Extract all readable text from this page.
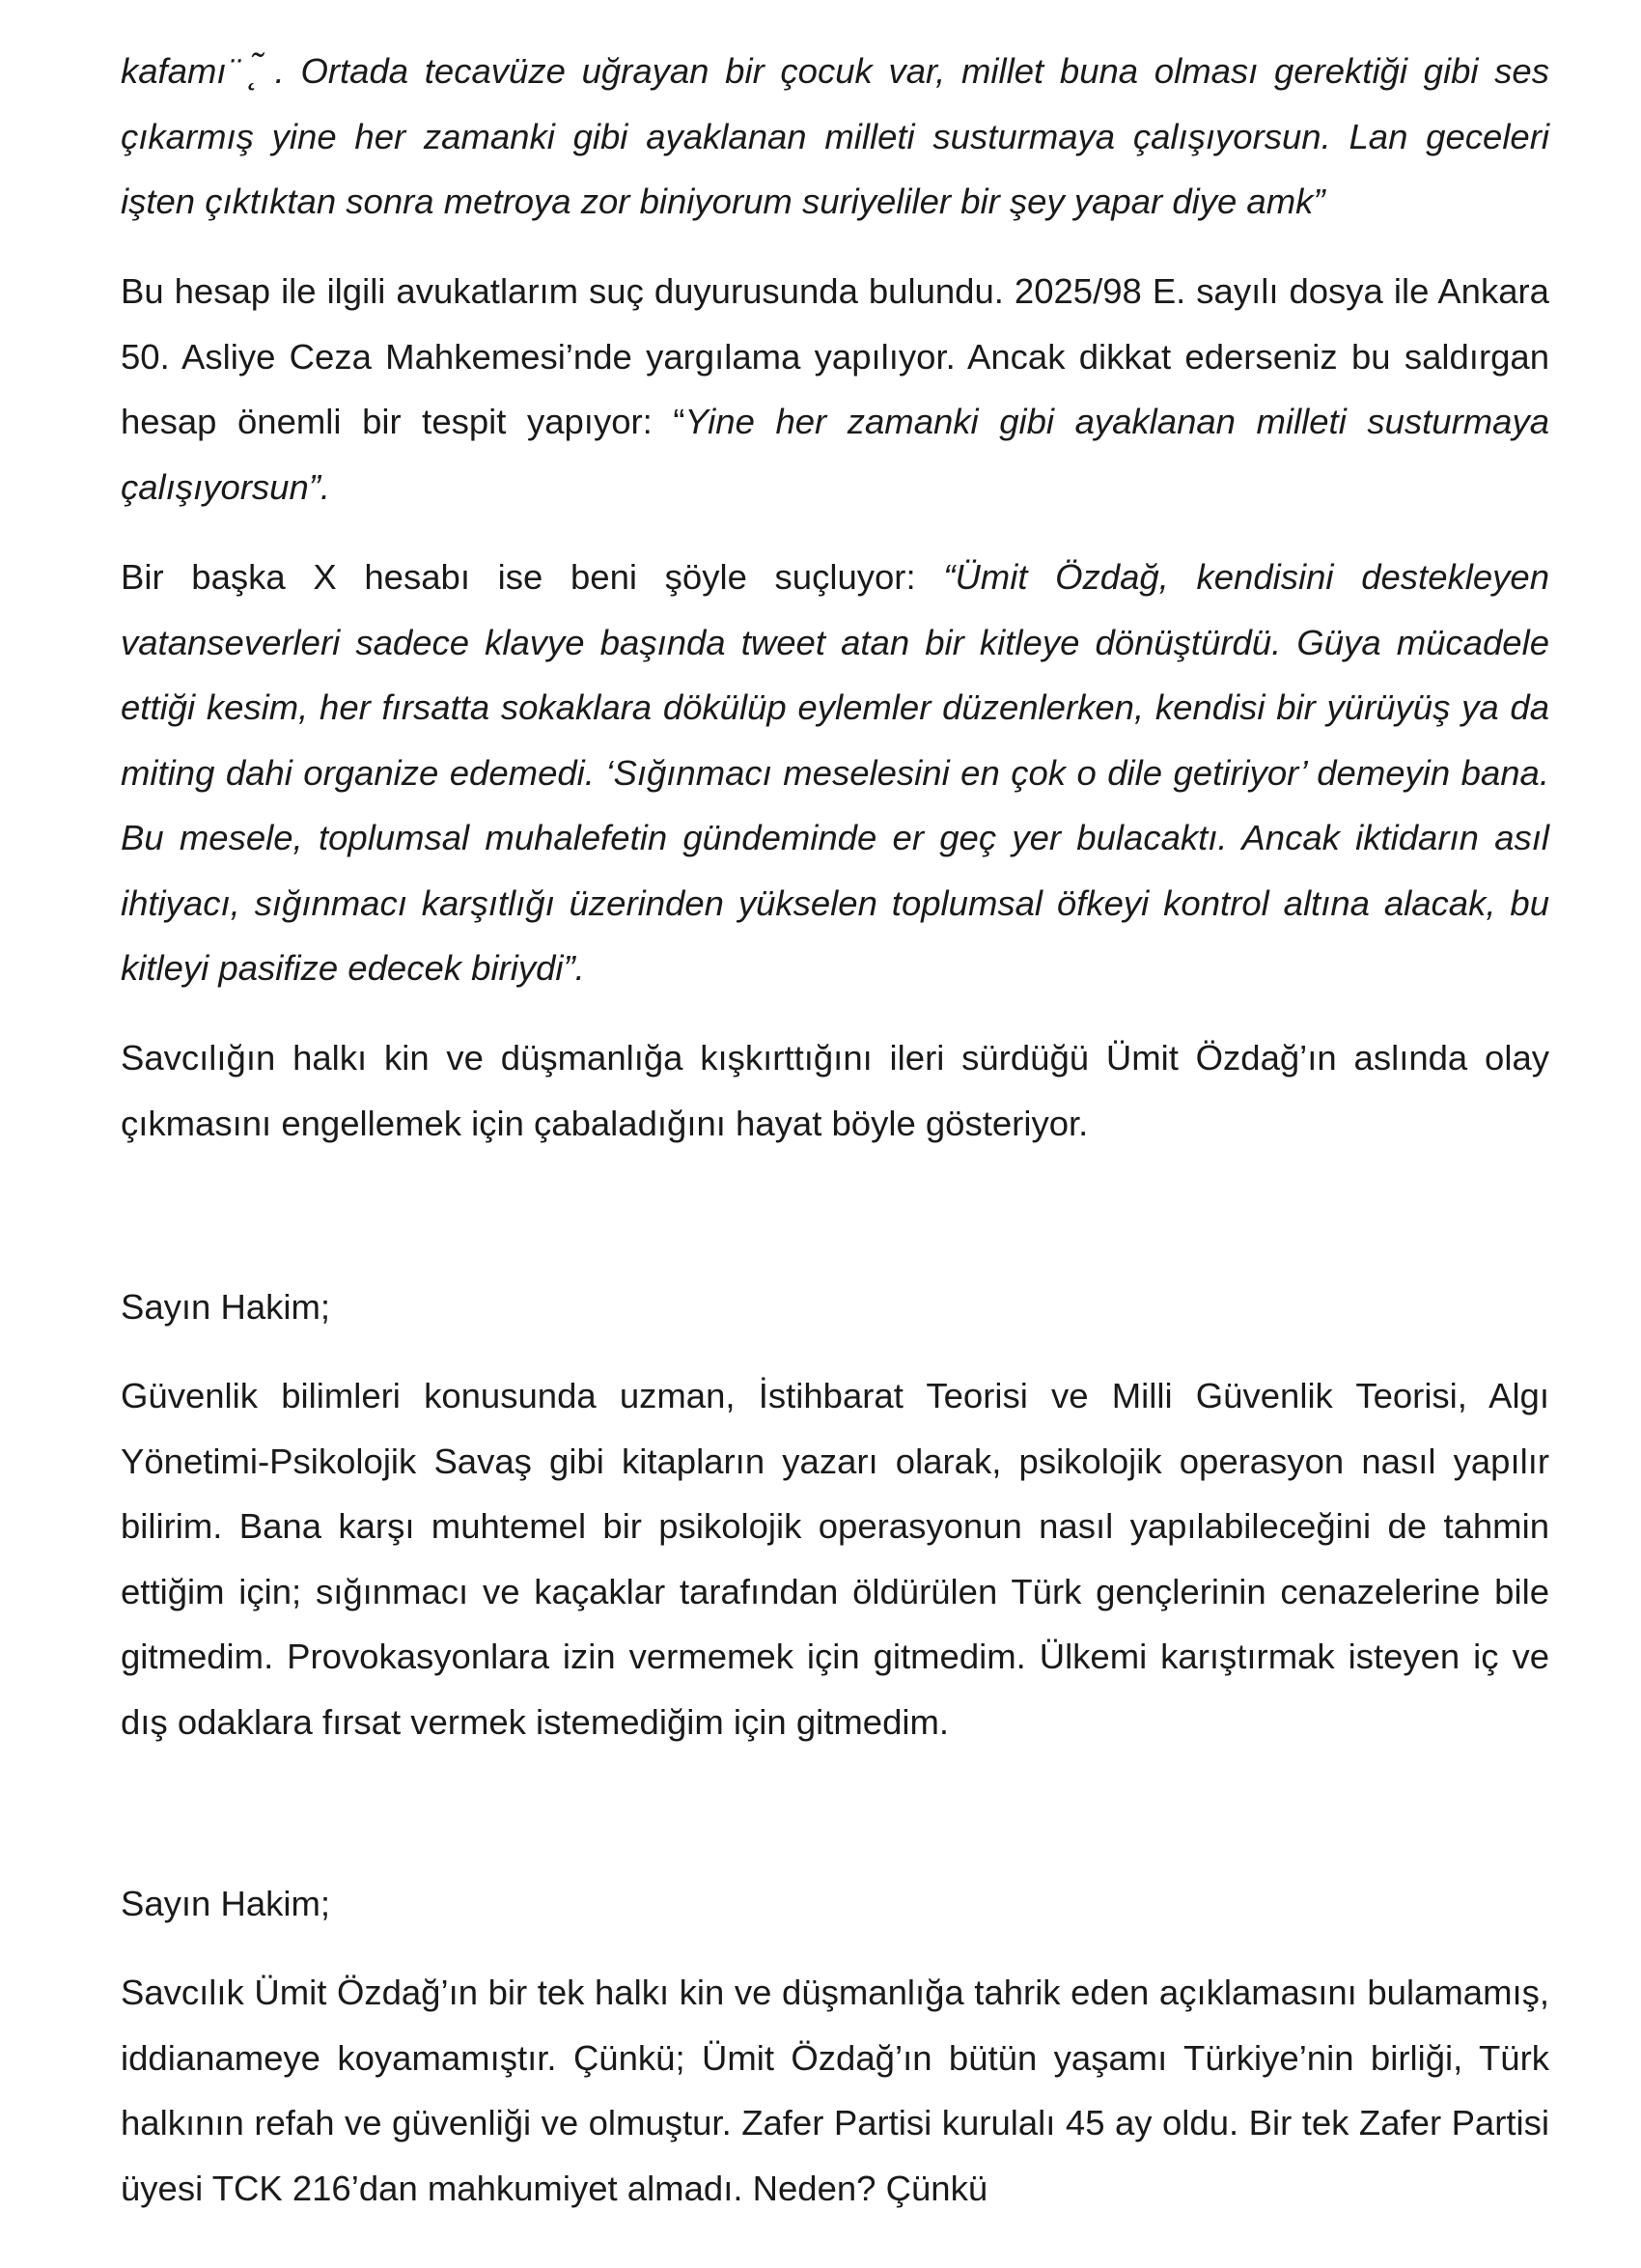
kafamı ̈ ̨ ̃. Ortada tecavüze uğrayan bir çocuk var, millet buna olması gerektiği gibi ses çıkarmış yine her zamanki gibi ayaklanan milleti susturmaya çalışıyorsun. Lan geceleri işten çıktıktan sonra metroya zor biniyorum suriyeliler bir şey yapar diye amk”

Bu hesap ile ilgili avukatlarım suç duyurusunda bulundu. 2025/98 E. sayılı dosya ile Ankara 50. Asliye Ceza Mahkemesi’nde yargılama yapılıyor. Ancak dikkat ederseniz bu saldırgan hesap önemli bir tespit yapıyor: “Yine her zamanki gibi ayaklanan milleti susturmaya çalışıyorsun”.

Bir başka X hesabı ise beni şöyle suçluyor: “Ümit Özdağ, kendisini destekleyen vatanseverleri sadece klavye başında tweet atan bir kitleye dönüştürdü. Güya mücadele ettiği kesim, her fırsatta sokaklara dökülüp eylemler düzenlerken, kendisi bir yürüyüş ya da miting dahi organize edemedi. ‘Sığınmacı meselesini en çok o dile getiriyor’ demeyin bana. Bu mesele, toplumsal muhalefetin gündeminde er geç yer bulacaktı. Ancak iktidarın asıl ihtiyacı, sığınmacı karşıtlığı üzerinden yükselen toplumsal öfkeyi kontrol altına alacak, bu kitleyi pasifize edecek biriydi”.

Savcılığın halkı kin ve düşmanlığa kışkırttığını ileri sürdüğü Ümit Özdağ’ın aslında olay çıkmasını engellemek için çabaladığını hayat böyle gösteriyor.

Sayın Hakim;

Güvenlik bilimleri konusunda uzman, İstihbarat Teorisi ve Milli Güvenlik Teorisi, Algı Yönetimi-Psikolojik Savaş gibi kitapların yazarı olarak, psikolojik operasyon nasıl yapılır bilirim. Bana karşı muhtemel bir psikolojik operasyonun nasıl yapılabileceğini de tahmin ettiğim için; sığınmacı ve kaçaklar tarafından öldürülen Türk gençlerinin cenazelerine bile gitmedim. Provokasyonlara izin vermemek için gitmedim. Ülkemi karıştırmak isteyen iç ve dış odaklara fırsat vermek istemediğim için gitmedim.

Sayın Hakim;

Savcılık Ümit Özdağ’ın bir tek halkı kin ve düşmanlığa tahrik eden açıklamasını bulamamış, iddianameye koyamamıştır. Çünkü; Ümit Özdağ’ın bütün yaşamı Türkiye’nin birliği, Türk halkının refah ve güvenliği ve olmuştur. Zafer Partisi kurulalı 45 ay oldu. Bir tek Zafer Partisi üyesi TCK 216’dan mahkumiyet almadı. Neden? Çünkü
